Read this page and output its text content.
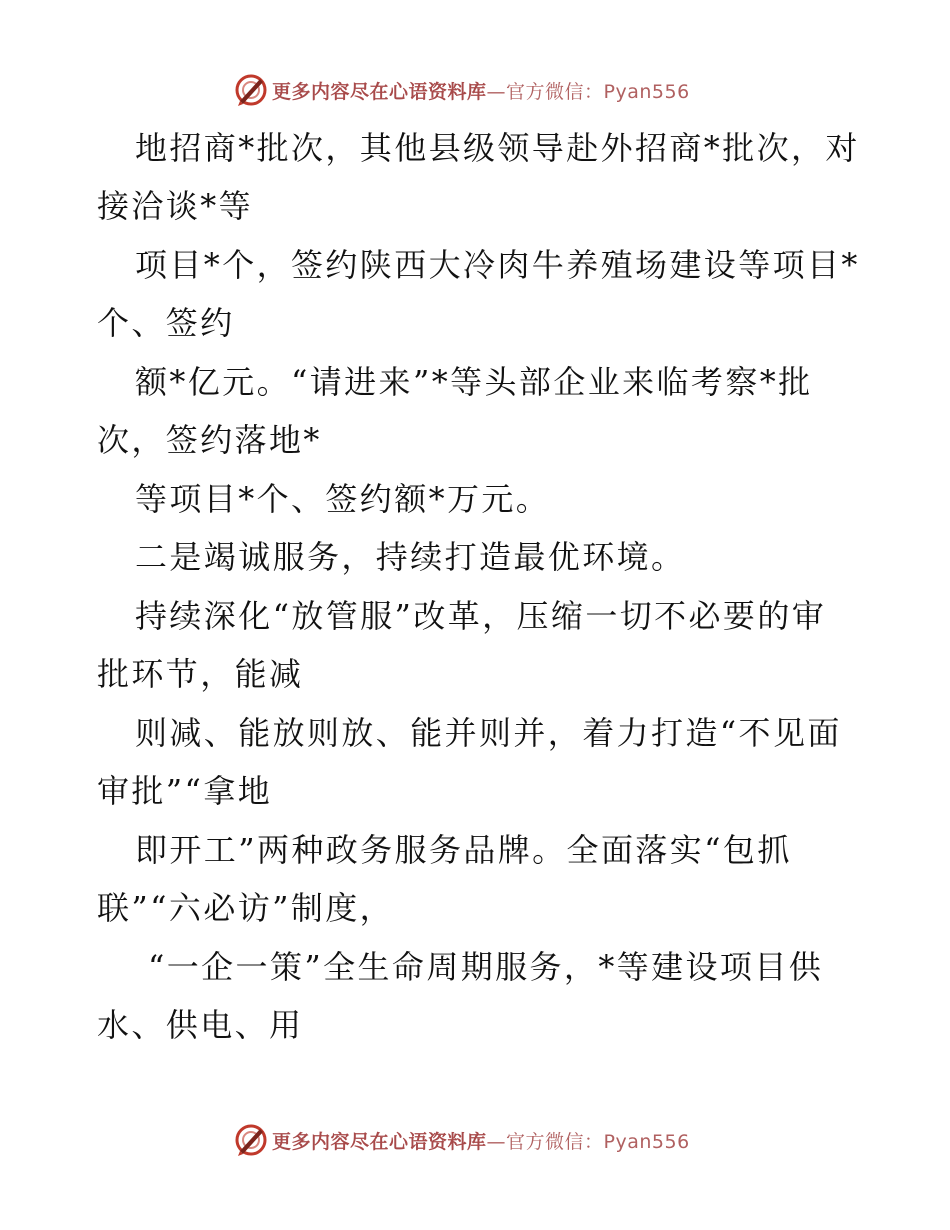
更多内容尽在心语资料库—官方微信：Pyan556
地招商*批次，其他县级领导赴外招商*批次，对
接洽谈*等
项目*个，签约陕西大冷肉牛养殖场建设等项目*
个、签约
额*亿元。“请进来”*等头部企业来临考察*批
次，签约落地*
等项目*个、签约额*万元。
二是竭诚服务，持续打造最优环境。
持续深化“放管服”改革，压缩一切不必要的审
批环节，能减
则减、能放则放、能并则并，着力打造“不见面
审批”“拿地
即开工”两种政务服务品牌。全面落实“包抓
联”“六必访”制度，
“一企一策”全生命周期服务，*等建设项目供
水、供电、用
更多内容尽在心语资料库—官方微信：Pyan556
